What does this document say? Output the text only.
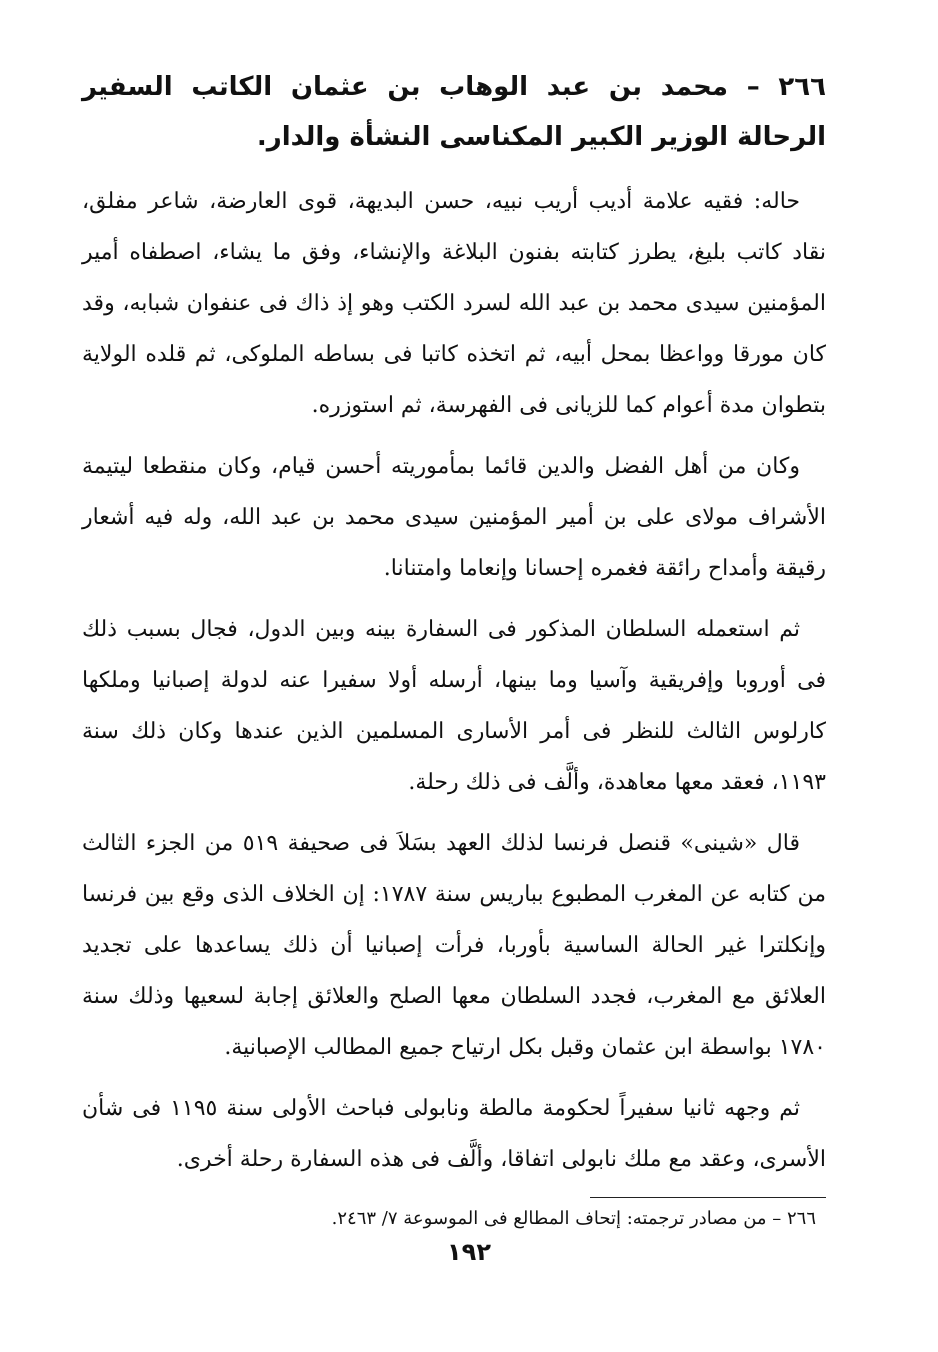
٢٦٦ – محمد بن عبد الوهاب بن عثمان الكاتب السفير الرحالة الوزير الكبير المكناسى النشأة والدار.

حاله: فقيه علامة أديب أريب نبيه، حسن البديهة، قوى العارضة، شاعر مفلق، نقاد كاتب بليغ، يطرز كتابته بفنون البلاغة والإنشاء، وفق ما يشاء، اصطفاه أمير المؤمنين سيدى محمد بن عبد الله لسرد الكتب وهو إذ ذاك فى عنفوان شبابه، وقد كان مورقا وواعظا بمحل أبيه، ثم اتخذه كاتبا فى بساطه الملوكى، ثم قلده الولاية بتطوان مدة أعوام كما للزيانى فى الفهرسة، ثم استوزره.

وكان من أهل الفضل والدين قائما بمأموريته أحسن قيام، وكان منقطعا ليتيمة الأشراف مولاى على بن أمير المؤمنين سيدى محمد بن عبد الله، وله فيه أشعار رقيقة وأمداح رائقة فغمره إحسانا وإنعاما وامتنانا.

ثم استعمله السلطان المذكور فى السفارة بينه وبين الدول، فجال بسبب ذلك فى أوروبا وإفريقية وآسيا وما بينها، أرسله أولا سفيرا عنه لدولة إصبانيا وملكها كارلوس الثالث للنظر فى أمر الأسارى المسلمين الذين عندها وكان ذلك سنة ١١٩٣، فعقد معها معاهدة، وألَّف فى ذلك رحلة.

قال «شينى» قنصل فرنسا لذلك العهد بسَلاَ فى صحيفة ٥١٩ من الجزء الثالث من كتابه عن المغرب المطبوع بباريس سنة ١٧٨٧: إن الخلاف الذى وقع بين فرنسا وإنكلترا غير الحالة الساسية بأوربا، فرأت إصبانيا أن ذلك يساعدها على تجديد العلائق مع المغرب، فجدد السلطان معها الصلح والعلائق إجابة لسعيها وذلك سنة ١٧٨٠ بواسطة ابن عثمان وقبل بكل ارتياح جميع المطالب الإصبانية.

ثم وجهه ثانيا سفيراً لحكومة مالطة ونابولى فباحث الأولى سنة ١١٩٥ فى شأن الأسرى، وعقد مع ملك نابولى اتفاقا، وألَّف فى هذه السفارة رحلة أخرى.

٢٦٦ – من مصادر ترجمته: إتحاف المطالع فى الموسوعة ٧/ ٢٤٦٣.

١٩٢
